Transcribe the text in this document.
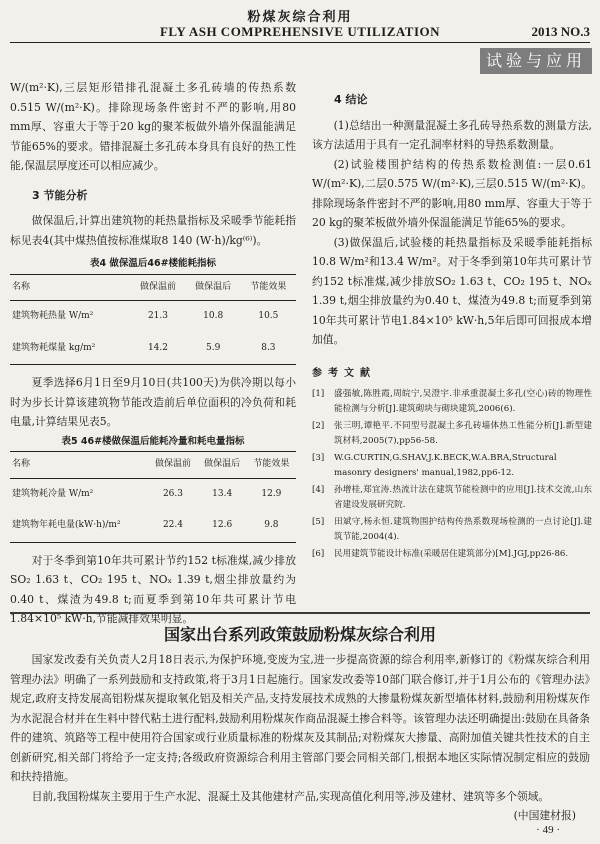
粉煤灰综合利用
FLY ASH COMPREHENSIVE UTILIZATION	2013 NO.3
试验与应用

W/(m²·K),三层矩形错排孔混凝土多孔砖墙的传热系数0.515 W/(m²·K)。排除现场条件密封不严的影响,用80 mm厚、容重大于等于20 kg的聚苯板做外墙外保温能满足节能65%的要求。错排混凝土多孔砖本身具有良好的热工性能,保温层厚度还可以相应减少。

3 节能分析

做保温后,计算出建筑物的耗热量指标及采暖季节能耗指标见表4(其中煤热值按标准煤取8 140 (W·h)/kg⁽⁶⁾)。

表4 做保温后46#楼能耗指标
名称	做保温前	做保温后	节能效果
建筑物耗热量 W/m²	21.3	10.8	10.5
建筑物耗煤量 kg/m²	14.2	5.9	8.3

夏季选择6月1日至9月10日(共100天)为供冷期以每小时为步长计算该建筑物节能改造前后单位面积的冷负荷和耗电量,计算结果见表5。

表5 46#楼做保温后能耗冷量和耗电量指标
名称	做保温前	做保温后	节能效果
建筑物耗冷量 W/m²	26.3	13.4	12.9
建筑物年耗电量(kW·h)/m²	22.4	12.6	9.8

对于冬季到第10年共可累计节约152 t标准煤,减少排放SO₂ 1.63 t、CO₂ 195 t、NOₓ 1.39 t,烟尘排放量约为0.40 t、煤渣为49.8 t;而夏季到第10年共可累计节电1.84×10⁵ kW·h,节能减排效果明显。

4 结论

(1)总结出一种测量混凝土多孔砖导热系数的测量方法,该方法适用于具有一定孔洞率材料的导热系数测量。

(2)试验楼围护结构的传热系数检测值:一层0.61 W/(m²·K),二层0.575 W/(m²·K),三层0.515 W/(m²·K)。排除现场条件密封不严的影响,用80 mm厚、容重大于等于20 kg的聚苯板做外墙外保温能满足节能65%的要求。

(3)做保温后,试验楼的耗热量指标及采暖季能耗指标10.8 W/m²和13.4 W/m²。对于冬季到第10年共可累计节约152 t标准煤,减少排放SO₂ 1.63 t、CO₂ 195 t、NOₓ 1.39 t,烟尘排放量约为0.40 t、煤渣为49.8 t;而夏季到第10年共可累计节电1.84×10⁵ kW·h,5年后即可回报成本增加值。

参考文献
[1]	盛强敏,陈胜霞,周皖宁,吴澄宇.非承重混凝土多孔(空心)砖的物理性能检测与分析[J].建筑砌块与砌块建筑,2006(6).
[2]	张三明,谭艳平.不同型号混凝土多孔砖墙体热工性能分析[J].新型建筑材料,2005(7),pp56-58.
[3]	W.G.CURTIN,G.SHAV,J.K.BECK,W.A.BRA,Structural masonry designers' manual,1982,pp6-12.
[4]	孙增桂,郑宜涛.热流计法在建筑节能检测中的应用[J].技术交流,山东省建设发展研究院.
[5]	田斌守,杨永恒.建筑物围护结构传热系数现场检测的一点讨论[J].建筑节能,2004(4).
[6]	民用建筑节能设计标准(采暖居住建筑部分)[M].JGJ,pp26-86.
国家出台系列政策鼓励粉煤灰综合利用

国家发改委有关负责人2月18日表示,为保护环境,变废为宝,进一步提高资源的综合利用率,新修订的《粉煤灰综合利用管理办法》明确了一系列鼓励和支持政策,将于3月1日起施行。国家发改委等10部门联合修订,并于1月公布的《管理办法》规定,政府支持发展高铝粉煤灰提取氧化铝及相关产品,支持发展技术成熟的大掺量粉煤灰新型墙体材料,鼓励利用粉煤灰作为水泥混合材并在生料中替代粘土进行配料,鼓励利用粉煤灰作商品混凝土掺合料等。该管理办法还明确提出:鼓励在具备条件的建筑、筑路等工程中使用符合国家或行业质量标准的粉煤灰及其制品;对粉煤灰大掺量、高附加值关键共性技术的自主创新研究,相关部门将给予一定支持;各级政府资源综合利用主管部门要会同相关部门,根据本地区实际情况制定相应的鼓励和扶持措施。

目前,我国粉煤灰主要用于生产水泥、混凝土及其他建材产品,实现高值化利用等,涉及建材、建筑等多个领域。

(中国建材报)
· 49 ·
